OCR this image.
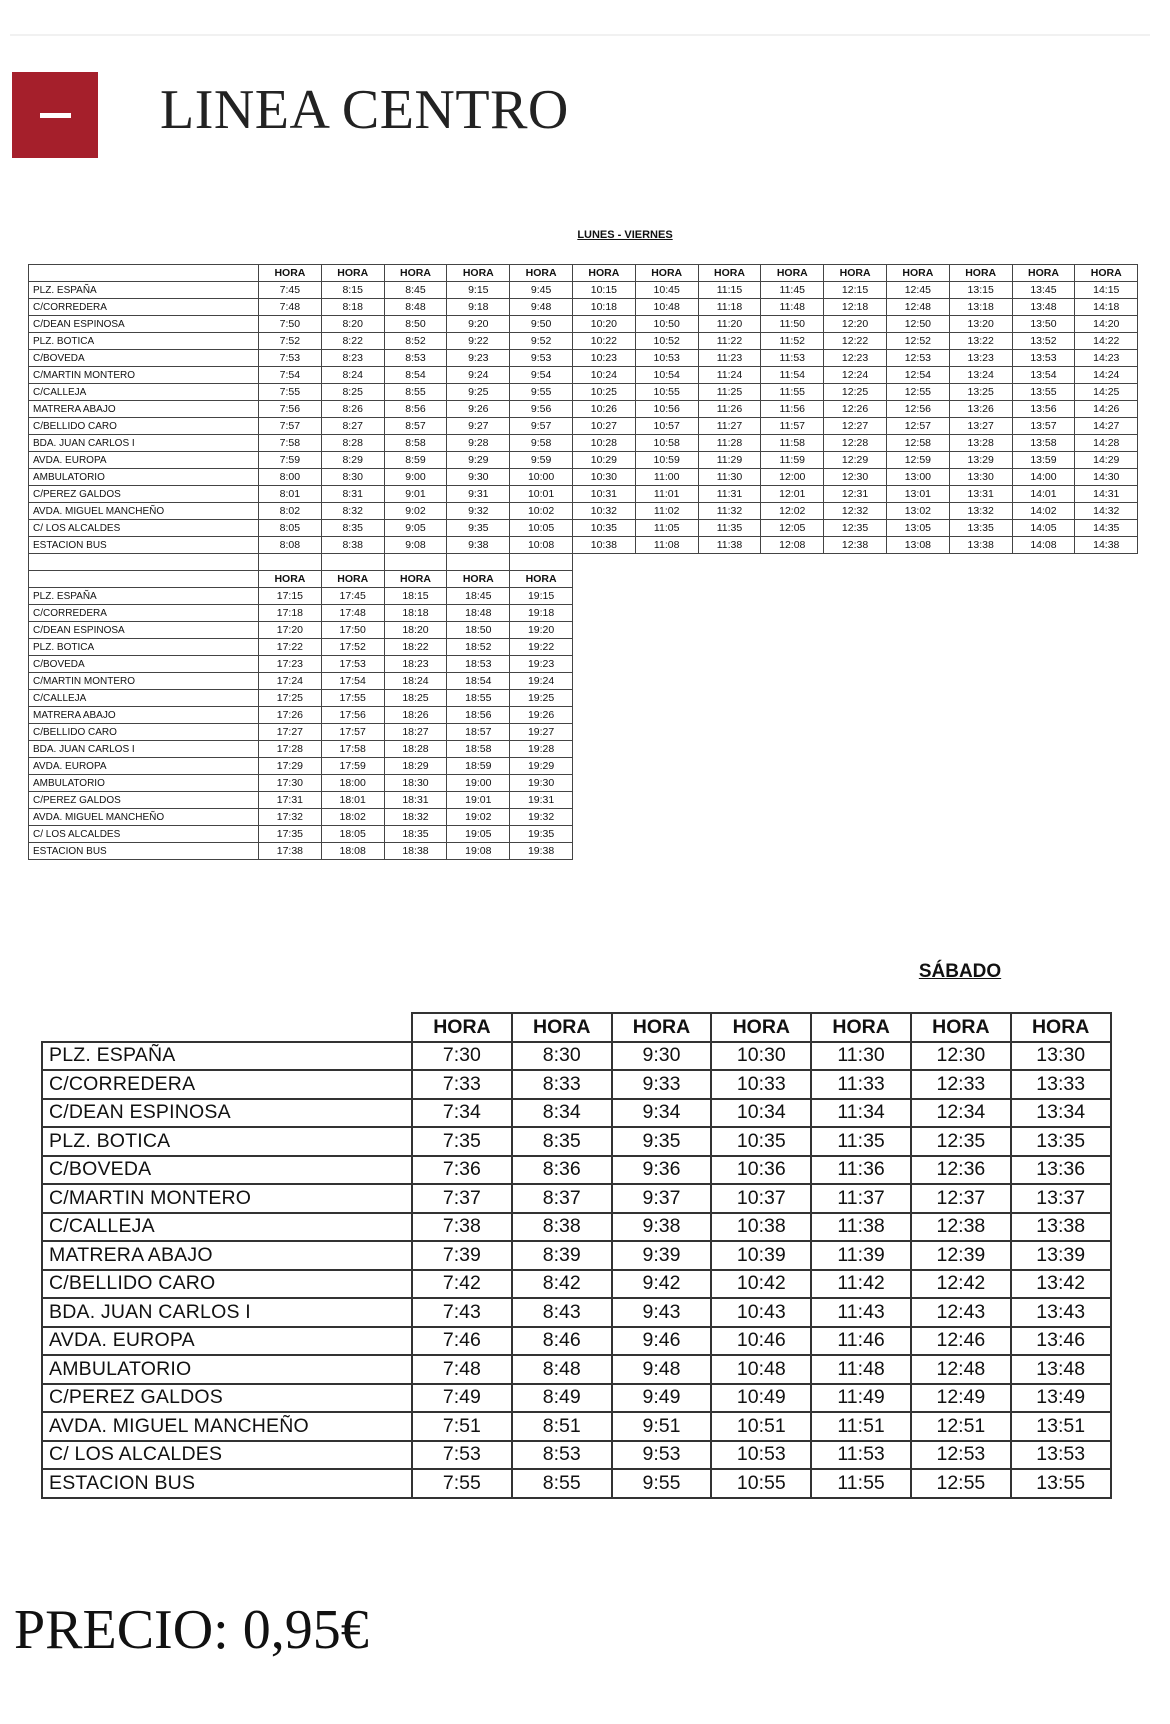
LINEA CENTRO
LUNES - VIERNES
	HORA	HORA	HORA	HORA	HORA	HORA	HORA	HORA	HORA	HORA	HORA	HORA	HORA	HORA
PLZ. ESPAÑA	7:45	8:15	8:45	9:15	9:45	10:15	10:45	11:15	11:45	12:15	12:45	13:15	13:45	14:15
C/CORREDERA	7:48	8:18	8:48	9:18	9:48	10:18	10:48	11:18	11:48	12:18	12:48	13:18	13:48	14:18
C/DEAN ESPINOSA	7:50	8:20	8:50	9:20	9:50	10:20	10:50	11:20	11:50	12:20	12:50	13:20	13:50	14:20
PLZ. BOTICA	7:52	8:22	8:52	9:22	9:52	10:22	10:52	11:22	11:52	12:22	12:52	13:22	13:52	14:22
C/BOVEDA	7:53	8:23	8:53	9:23	9:53	10:23	10:53	11:23	11:53	12:23	12:53	13:23	13:53	14:23
C/MARTIN MONTERO	7:54	8:24	8:54	9:24	9:54	10:24	10:54	11:24	11:54	12:24	12:54	13:24	13:54	14:24
C/CALLEJA	7:55	8:25	8:55	9:25	9:55	10:25	10:55	11:25	11:55	12:25	12:55	13:25	13:55	14:25
MATRERA ABAJO	7:56	8:26	8:56	9:26	9:56	10:26	10:56	11:26	11:56	12:26	12:56	13:26	13:56	14:26
C/BELLIDO CARO	7:57	8:27	8:57	9:27	9:57	10:27	10:57	11:27	11:57	12:27	12:57	13:27	13:57	14:27
BDA. JUAN CARLOS I	7:58	8:28	8:58	9:28	9:58	10:28	10:58	11:28	11:58	12:28	12:58	13:28	13:58	14:28
AVDA. EUROPA	7:59	8:29	8:59	9:29	9:59	10:29	10:59	11:29	11:59	12:29	12:59	13:29	13:59	14:29
AMBULATORIO	8:00	8:30	9:00	9:30	10:00	10:30	11:00	11:30	12:00	12:30	13:00	13:30	14:00	14:30
C/PEREZ GALDOS	8:01	8:31	9:01	9:31	10:01	10:31	11:01	11:31	12:01	12:31	13:01	13:31	14:01	14:31
AVDA. MIGUEL MANCHEÑO	8:02	8:32	9:02	9:32	10:02	10:32	11:02	11:32	12:02	12:32	13:02	13:32	14:02	14:32
C/ LOS ALCALDES	8:05	8:35	9:05	9:35	10:05	10:35	11:05	11:35	12:05	12:35	13:05	13:35	14:05	14:35
ESTACION BUS	8:08	8:38	9:08	9:38	10:08	10:38	11:08	11:38	12:08	12:38	13:08	13:38	14:08	14:38

	HORA	HORA	HORA	HORA	HORA									
PLZ. ESPAÑA	17:15	17:45	18:15	18:45	19:15									
C/CORREDERA	17:18	17:48	18:18	18:48	19:18									
C/DEAN ESPINOSA	17:20	17:50	18:20	18:50	19:20									
PLZ. BOTICA	17:22	17:52	18:22	18:52	19:22									
C/BOVEDA	17:23	17:53	18:23	18:53	19:23									
C/MARTIN MONTERO	17:24	17:54	18:24	18:54	19:24									
C/CALLEJA	17:25	17:55	18:25	18:55	19:25									
MATRERA ABAJO	17:26	17:56	18:26	18:56	19:26									
C/BELLIDO CARO	17:27	17:57	18:27	18:57	19:27									
BDA. JUAN CARLOS I	17:28	17:58	18:28	18:58	19:28									
AVDA. EUROPA	17:29	17:59	18:29	18:59	19:29									
AMBULATORIO	17:30	18:00	18:30	19:00	19:30									
C/PEREZ GALDOS	17:31	18:01	18:31	19:01	19:31									
AVDA. MIGUEL MANCHEÑO	17:32	18:02	18:32	19:02	19:32									
C/ LOS ALCALDES	17:35	18:05	18:35	19:05	19:35									
ESTACION BUS	17:38	18:08	18:38	19:08	19:38									
SÁBADO
	HORA	HORA	HORA	HORA	HORA	HORA	HORA
PLZ. ESPAÑA	7:30	8:30	9:30	10:30	11:30	12:30	13:30
C/CORREDERA	7:33	8:33	9:33	10:33	11:33	12:33	13:33
C/DEAN ESPINOSA	7:34	8:34	9:34	10:34	11:34	12:34	13:34
PLZ. BOTICA	7:35	8:35	9:35	10:35	11:35	12:35	13:35
C/BOVEDA	7:36	8:36	9:36	10:36	11:36	12:36	13:36
C/MARTIN MONTERO	7:37	8:37	9:37	10:37	11:37	12:37	13:37
C/CALLEJA	7:38	8:38	9:38	10:38	11:38	12:38	13:38
MATRERA ABAJO	7:39	8:39	9:39	10:39	11:39	12:39	13:39
C/BELLIDO CARO	7:42	8:42	9:42	10:42	11:42	12:42	13:42
BDA. JUAN CARLOS I	7:43	8:43	9:43	10:43	11:43	12:43	13:43
AVDA. EUROPA	7:46	8:46	9:46	10:46	11:46	12:46	13:46
AMBULATORIO	7:48	8:48	9:48	10:48	11:48	12:48	13:48
C/PEREZ GALDOS	7:49	8:49	9:49	10:49	11:49	12:49	13:49
AVDA. MIGUEL MANCHEÑO	7:51	8:51	9:51	10:51	11:51	12:51	13:51
C/ LOS ALCALDES	7:53	8:53	9:53	10:53	11:53	12:53	13:53
ESTACION BUS	7:55	8:55	9:55	10:55	11:55	12:55	13:55
PRECIO: 0,95€
